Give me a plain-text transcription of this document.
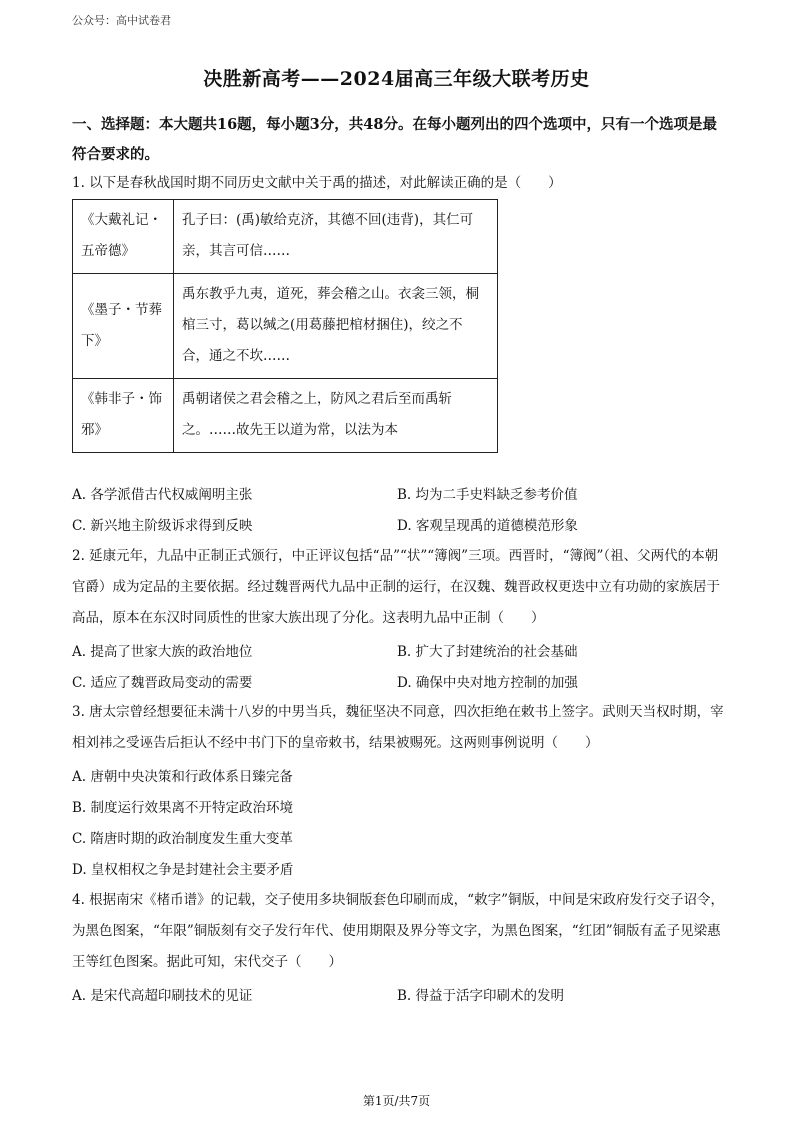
公众号：高中试卷君
决胜新高考——2024届高三年级大联考历史
一、选择题：本大题共16题，每小题3分，共48分。在每小题列出的四个选项中，只有一个选项是最符合要求的。
1. 以下是春秋战国时期不同历史文献中关于禹的描述，对此解读正确的是（　　）
《大戴礼记・五帝德》	孔子曰：(禹)敏给克济，其德不回(违背)，其仁可亲，其言可信……
《墨子・节葬下》	禹东教乎九夷，道死，葬会稽之山。衣衾三领，桐棺三寸，葛以缄之(用葛藤把棺材捆住)，绞之不合，通之不坎……
《韩非子・饰邪》	禹朝诸侯之君会稽之上，防风之君后至而禹斩之。……故先王以道为常，以法为本
A. 各学派借古代权威阐明主张	B. 均为二手史料缺乏参考价值
C. 新兴地主阶级诉求得到反映	D. 客观呈现禹的道德模范形象
2. 延康元年，九品中正制正式颁行，中正评议包括“品”“状”“簿阀”三项。西晋时，“簿阀”（祖、父两代的本朝官爵）成为定品的主要依据。经过魏晋两代九品中正制的运行，在汉魏、魏晋政权更迭中立有功勋的家族居于高品，原本在东汉时同质性的世家大族出现了分化。这表明九品中正制（　　）
A. 提高了世家大族的政治地位	B. 扩大了封建统治的社会基础
C. 适应了魏晋政局变动的需要	D. 确保中央对地方控制的加强
3. 唐太宗曾经想要征未满十八岁的中男当兵，魏征坚决不同意，四次拒绝在敕书上签字。武则天当权时期，宰相刘祎之受诬告后拒认不经中书门下的皇帝敕书，结果被赐死。这两则事例说明（　　）
A. 唐朝中央决策和行政体系日臻完备
B. 制度运行效果离不开特定政治环境
C. 隋唐时期的政治制度发生重大变革
D. 皇权相权之争是封建社会主要矛盾
4. 根据南宋《楮币谱》的记载，交子使用多块铜版套色印刷而成，“敕字”铜版，中间是宋政府发行交子诏令，为黑色图案，“年限”铜版刻有交子发行年代、使用期限及界分等文字，为黑色图案，“红团”铜版有孟子见梁惠王等红色图案。据此可知，宋代交子（　　）
A. 是宋代高超印刷技术的见证	B. 得益于活字印刷术的发明
第1页/共7页
